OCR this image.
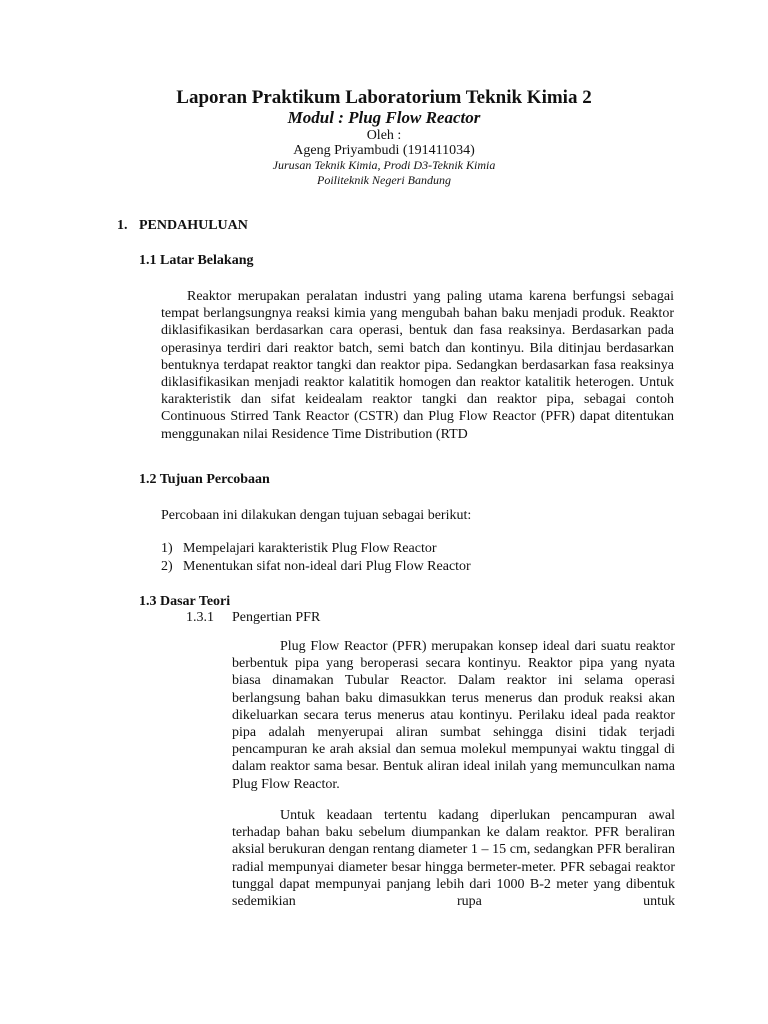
Laporan Praktikum Laboratorium Teknik Kimia 2
Modul : Plug Flow Reactor
Oleh :
Ageng Priyambudi (191411034)
Jurusan Teknik Kimia, Prodi D3-Teknik Kimia
Poiliteknik Negeri Bandung
1. PENDAHULUAN
1.1 Latar Belakang

Reaktor merupakan peralatan industri yang paling utama karena berfungsi sebagai tempat berlangsungnya reaksi kimia yang mengubah bahan baku menjadi produk. Reaktor diklasifikasikan berdasarkan cara operasi, bentuk dan fasa reaksinya. Berdasarkan pada operasinya terdiri dari reaktor batch, semi batch dan kontinyu. Bila ditinjau berdasarkan bentuknya terdapat reaktor tangki dan reaktor pipa. Sedangkan berdasarkan fasa reaksinya diklasifikasikan menjadi reaktor kalatitik homogen dan reaktor katalitik heterogen. Untuk karakteristik dan sifat keidealam reaktor tangki dan reaktor pipa, sebagai contoh Continuous Stirred Tank Reactor (CSTR) dan Plug Flow Reactor (PFR) dapat ditentukan menggunakan nilai Residence Time Distribution (RTD

1.2 Tujuan Percobaan
Percobaan ini dilakukan dengan tujuan sebagai berikut:
1) Mempelajari karakteristik Plug Flow Reactor
2) Menentukan sifat non-ideal dari Plug Flow Reactor
1.3 Dasar Teori
1.3.1 Pengertian PFR

Plug Flow Reactor (PFR) merupakan konsep ideal dari suatu reaktor berbentuk pipa yang beroperasi secara kontinyu. Reaktor pipa yang nyata biasa dinamakan Tubular Reactor. Dalam reaktor ini selama operasi berlangsung bahan baku dimasukkan terus menerus dan produk reaksi akan dikeluarkan secara terus menerus atau kontinyu. Perilaku ideal pada reaktor pipa adalah menyerupai aliran sumbat sehingga disini tidak terjadi pencampuran ke arah aksial dan semua molekul mempunyai waktu tinggal di dalam reaktor sama besar. Bentuk aliran ideal inilah yang memunculkan nama Plug Flow Reactor.

Untuk keadaan tertentu kadang diperlukan pencampuran awal terhadap bahan baku sebelum diumpankan ke dalam reaktor. PFR beraliran aksial berukuran dengan rentang diameter 1 – 15 cm, sedangkan PFR beraliran radial mempunyai diameter besar hingga bermeter-meter. PFR sebagai reaktor tunggal dapat mempunyai panjang lebih dari 1000 B-2 meter yang dibentuk sedemikian rupa untuk
